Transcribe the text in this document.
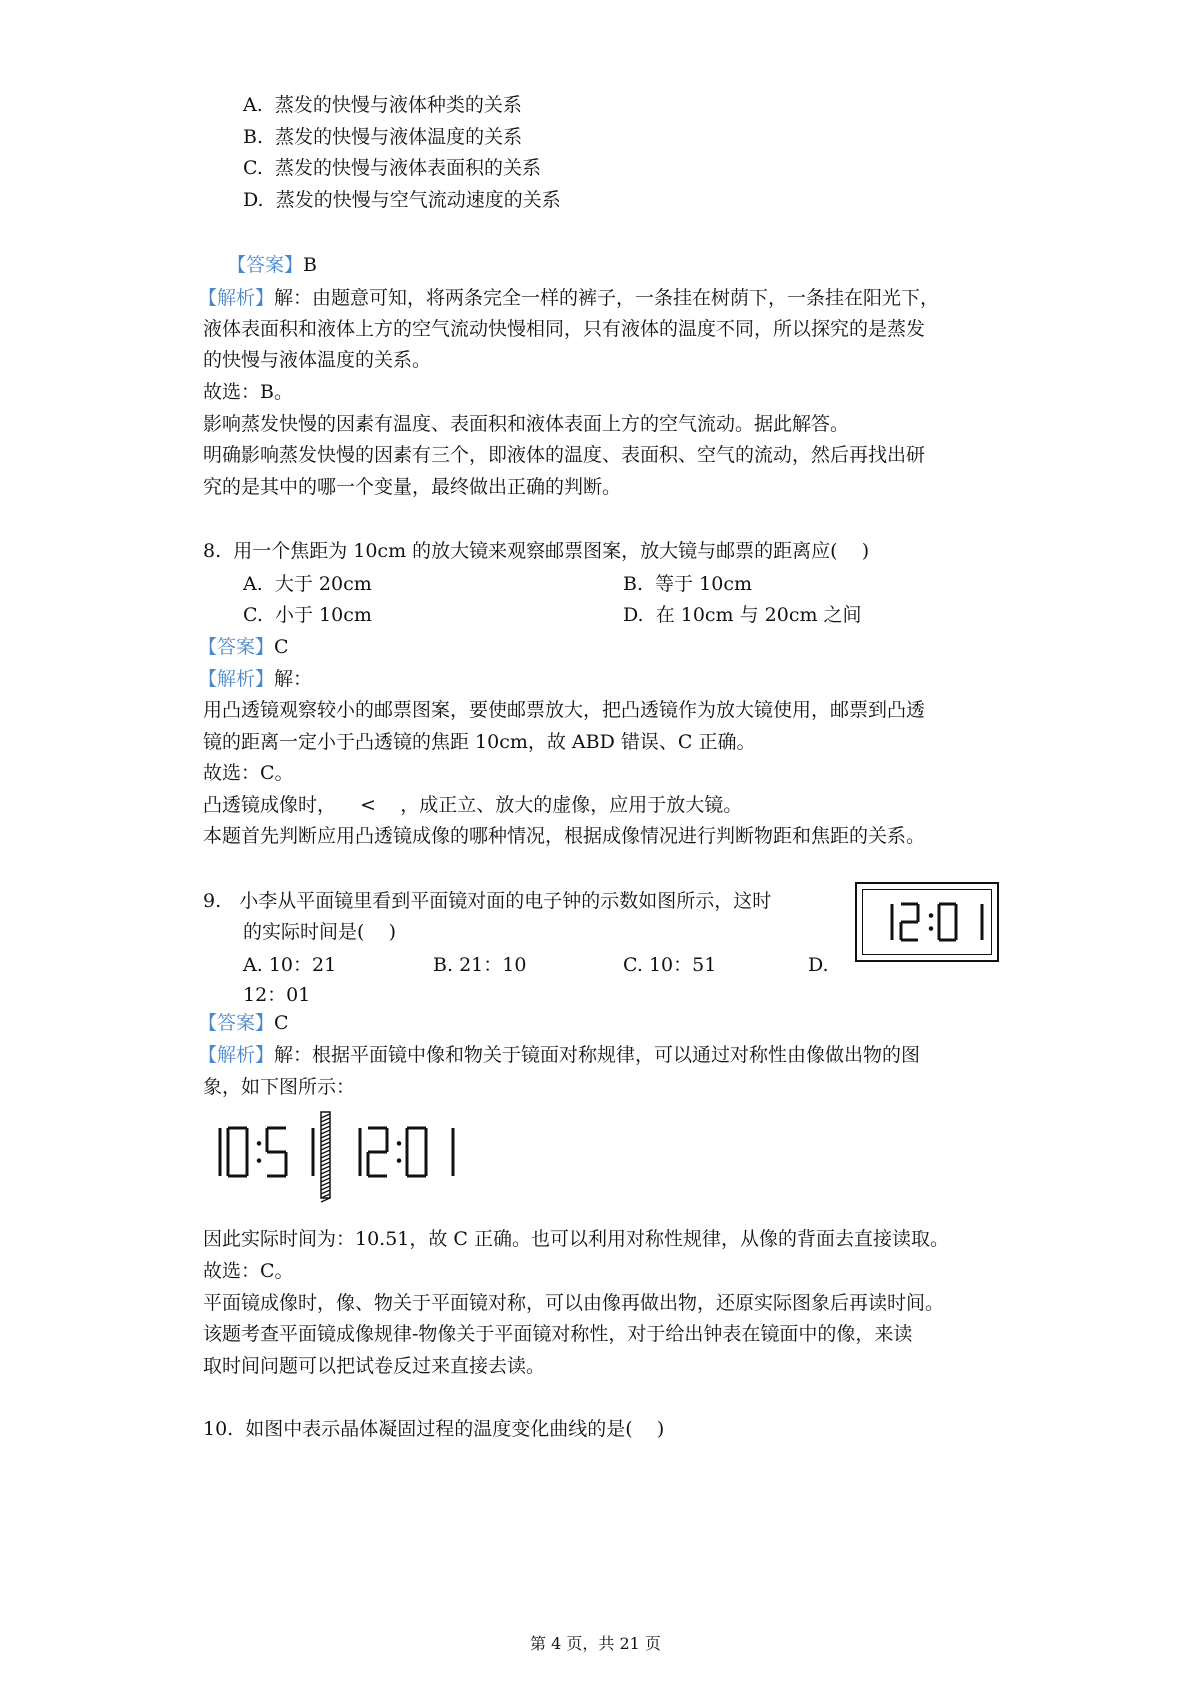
A. 蒸发的快慢与液体种类的关系
B. 蒸发的快慢与液体温度的关系
C. 蒸发的快慢与液体表面积的关系
D. 蒸发的快慢与空气流动速度的关系
【答案】B
【解析】解：由题意可知，将两条完全一样的裤子，一条挂在树荫下，一条挂在阳光下，
液体表面积和液体上方的空气流动快慢相同，只有液体的温度不同，所以探究的是蒸发
的快慢与液体温度的关系。
故选：B。
影响蒸发快慢的因素有温度、表面积和液体表面上方的空气流动。据此解答。
明确影响蒸发快慢的因素有三个，即液体的温度、表面积、空气的流动，然后再找出研
究的是其中的哪一个变量，最终做出正确的判断。
8.  用一个焦距为 10cm 的放大镜来观察邮票图案，放大镜与邮票的距离应(    )
A. 大于 20cm	B. 等于 10cm
C. 小于 10cm	D. 在 10cm 与 20cm 之间
【答案】C
【解析】解：
用凸透镜观察较小的邮票图案，要使邮票放大，把凸透镜作为放大镜使用，邮票到凸透
镜的距离一定小于凸透镜的焦距 10cm，故 ABD 错误、C 正确。
故选：C。
凸透镜成像时，    <    ，成正立、放大的虚像，应用于放大镜。
本题首先判断应用凸透镜成像的哪种情况，根据成像情况进行判断物距和焦距的关系。
9.   小李从平面镜里看到平面镜对面的电子钟的示数如图所示，这时
的实际时间是(    )
A. 10：21	B. 21：10	C. 10：51	D.
12：01
【答案】C
【解析】解：根据平面镜中像和物关于镜面对称规律，可以通过对称性由像做出物的图
象，如下图所示：
因此实际时间为：10.51，故 C 正确。也可以利用对称性规律，从像的背面去直接读取。
故选：C。
平面镜成像时，像、物关于平面镜对称，可以由像再做出物，还原实际图象后再读时间。
该题考查平面镜成像规律-物像关于平面镜对称性，对于给出钟表在镜面中的像，来读
取时间问题可以把试卷反过来直接去读。
10.  如图中表示晶体凝固过程的温度变化曲线的是(    )
第 4 页，共 21 页
